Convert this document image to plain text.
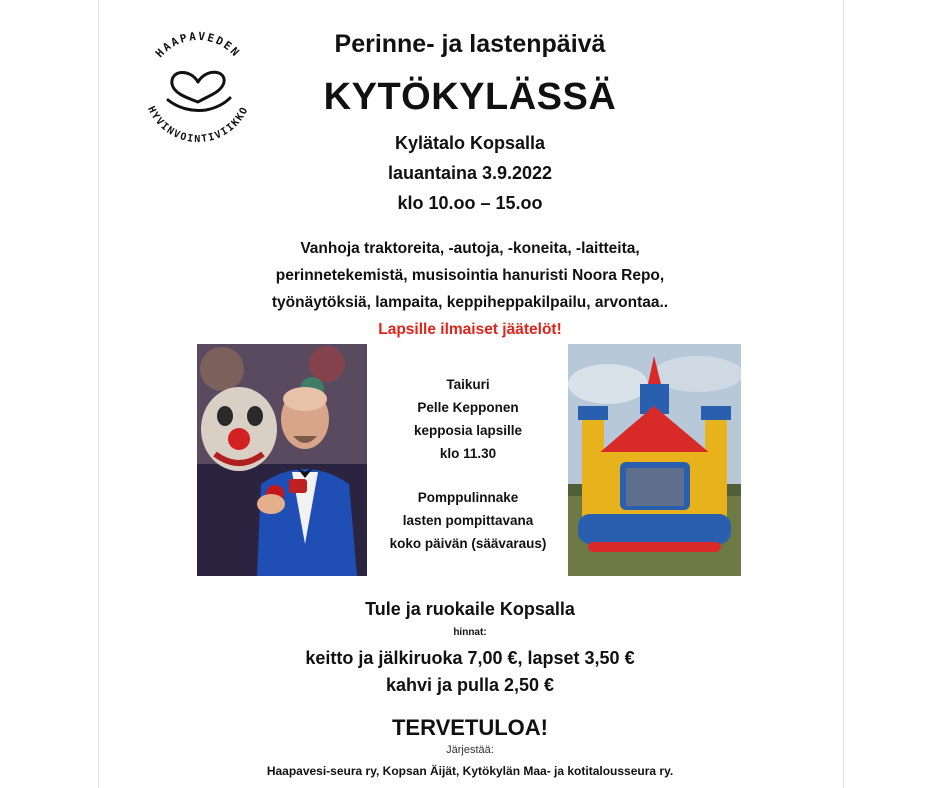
HAAPAVEDEN
HYVINVOINTIVIIKKO
Perinne- ja lastenpäivä
KYTÖKYLÄSSÄ
Kylätalo Kopsalla
lauantaina 3.9.2022
klo 10.oo – 15.oo
Vanhoja traktoreita, -autoja, -koneita, -laitteita,
perinnetekemistä, musisointia hanuristi Noora Repo,
työnäytöksiä, lampaita, keppiheppakilpailu, arvontaa..
Lapsille ilmaiset jäätelöt!
Taikuri
Pelle Kepponen
kepposia lapsille
klo 11.30
Pomppulinnake
lasten pompittavana
koko päivän (säävaraus)
Tule ja ruokaile Kopsalla
hinnat:
keitto ja jälkiruoka 7,00 €, lapset 3,50 €
kahvi ja pulla 2,50 €
TERVETULOA!
Järjestää:
Haapavesi-seura ry, Kopsan Äijät, Kytökylän Maa- ja kotitalousseura ry.
